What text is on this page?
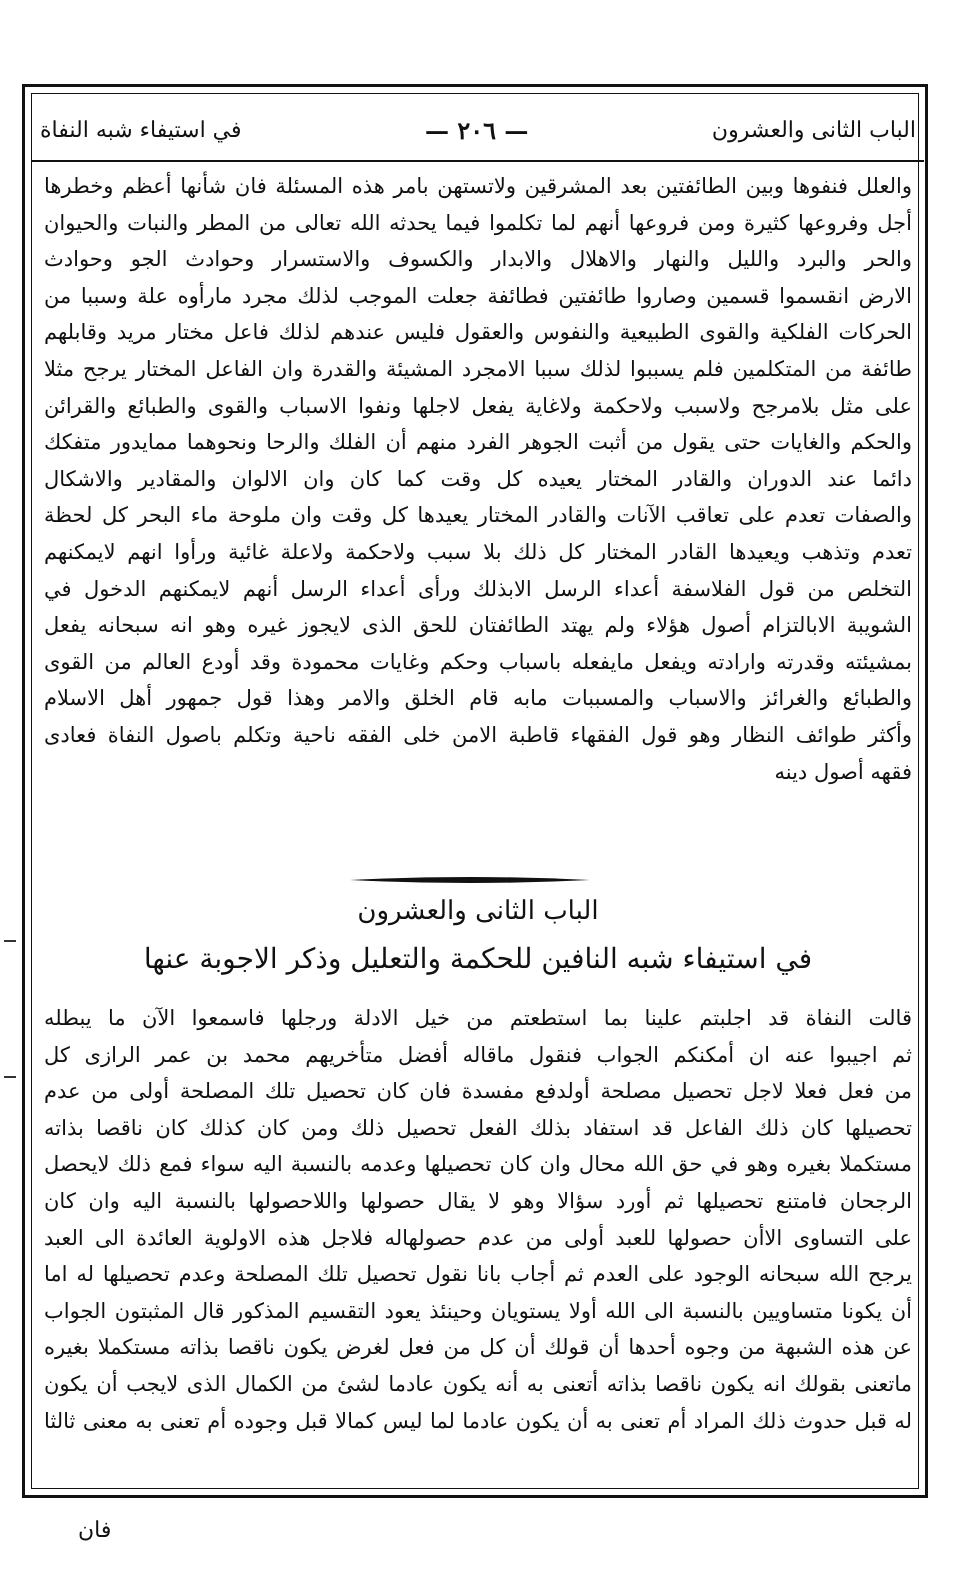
الباب الثانى والعشرون
— ٢٠٦ —
في استيفاء شبه النفاة
والعلل فنفوها وبين الطائفتين بعد المشرقين ولاتستهن بامر هذه المسئلة فان شأنها أعظم وخطرها
أجل وفروعها كثيرة ومن فروعها أنهم لما تكلموا فيما يحدثه الله تعالى من المطر والنبات والحيوان
والحر والبرد والليل والنهار والاهلال والابدار والكسوف والاستسرار وحوادث الجو وحوادث
الارض انقسموا قسمين وصاروا طائفتين فطائفة جعلت الموجب لذلك مجرد مارأوه علة وسببا من
الحركات الفلكية والقوى الطبيعية والنفوس والعقول فليس عندهم لذلك فاعل مختار مريد وقابلهم
طائفة من المتكلمين فلم يسببوا لذلك سببا الامجرد المشيئة والقدرة وان الفاعل المختار يرجح مثلا
على مثل بلامرجح ولاسبب ولاحكمة ولاغاية يفعل لاجلها ونفوا الاسباب والقوى والطبائع والقرائن
والحكم والغايات حتى يقول من أثبت الجوهر الفرد منهم أن الفلك والرحا ونحوهما ممايدور متفكك
دائما عند الدوران والقادر المختار يعيده كل وقت كما كان وان الالوان والمقادير والاشكال
والصفات تعدم على تعاقب الآنات والقادر المختار يعيدها كل وقت وان ملوحة ماء البحر كل لحظة
تعدم وتذهب ويعيدها القادر المختار كل ذلك بلا سبب ولاحكمة ولاعلة غائية ورأوا انهم لايمكنهم
التخلص من قول الفلاسفة أعداء الرسل الابذلك ورأى أعداء الرسل أنهم لايمكنهم الدخول في
الشويبة الابالتزام أصول هؤلاء ولم يهتد الطائفتان للحق الذى لايجوز غيره وهو انه سبحانه يفعل
بمشيئته وقدرته وارادته ويفعل مايفعله باسباب وحكم وغايات محمودة وقد أودع العالم من القوى
والطبائع والغرائز والاسباب والمسببات مابه قام الخلق والامر وهذا قول جمهور أهل الاسلام
وأكثر طوائف النظار وهو قول الفقهاء قاطبة الامن خلى الفقه ناحية وتكلم باصول النفاة فعادى
فقهه أصول دينه
الباب الثانى والعشرون
في استيفاء شبه النافين للحكمة والتعليل وذكر الاجوبة عنها
قالت النفاة قد اجلبتم علينا بما استطعتم من خيل الادلة ورجلها فاسمعوا الآن ما يبطله
ثم اجيبوا عنه ان أمكنكم الجواب فنقول ماقاله أفضل متأخريهم محمد بن عمر الرازى كل
من فعل فعلا لاجل تحصيل مصلحة أولدفع مفسدة فان كان تحصيل تلك المصلحة أولى من عدم
تحصيلها كان ذلك الفاعل قد استفاد بذلك الفعل تحصيل ذلك ومن كان كذلك كان ناقصا بذاته
مستكملا بغيره وهو في حق الله محال وان كان تحصيلها وعدمه بالنسبة اليه سواء فمع ذلك لايحصل
الرجحان فامتنع تحصيلها ثم أورد سؤالا وهو لا يقال حصولها واللاحصولها بالنسبة اليه وان كان
على التساوى الاأن حصولها للعبد أولى من عدم حصولهاله فلاجل هذه الاولوية العائدة الى العبد
يرجح الله سبحانه الوجود على العدم ثم أجاب بانا نقول تحصيل تلك المصلحة وعدم تحصيلها له اما
أن يكونا متساويين بالنسبة الى الله أولا يستويان وحينئذ يعود التقسيم المذكور قال المثبتون الجواب
عن هذه الشبهة من وجوه أحدها أن قولك أن كل من فعل لغرض يكون ناقصا بذاته مستكملا بغيره
ماتعنى بقولك انه يكون ناقصا بذاته أتعنى به أنه يكون عادما لشئ من الكمال الذى لايجب أن يكون
له قبل حدوث ذلك المراد أم تعنى به أن يكون عادما لما ليس كمالا قبل وجوده أم تعنى به معنى ثالثا
فان
